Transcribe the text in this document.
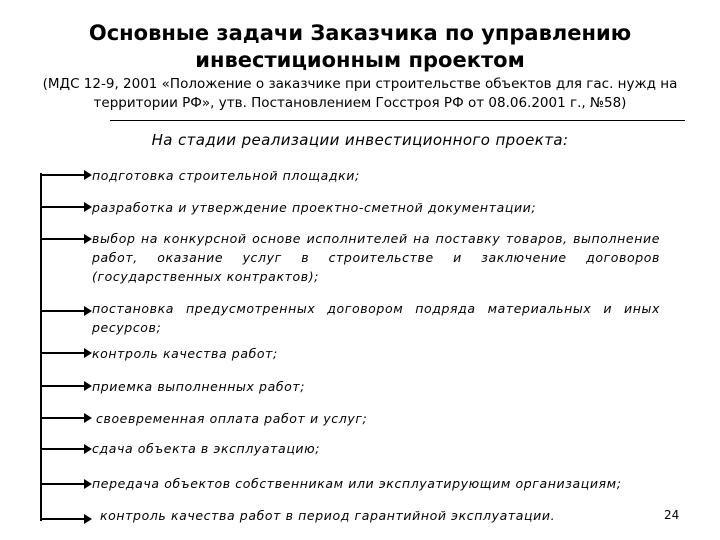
Основные задачи Заказчика по управлению инвестиционным проектом
(МДС 12-9, 2001 «Положение о заказчике при строительстве объектов для гас. нужд на территории РФ», утв. Постановлением Госстроя РФ от 08.06.2001 г., №58)
На стадии реализации инвестиционного проекта:
подготовка строительной площадки;
разработка и утверждение проектно-сметной документации;
выбор на конкурсной основе исполнителей на поставку товаров, выполнение работ, оказание услуг в строительстве и заключение договоров (государственных контрактов);
постановка предусмотренных договором подряда материальных и иных ресурсов;
контроль качества работ;
приемка выполненных работ;
своевременная оплата работ и услуг;
сдача объекта в эксплуатацию;
передача объектов собственникам или эксплуатирующим организациям;
контроль качества работ в период гарантийной эксплуатации.	24
